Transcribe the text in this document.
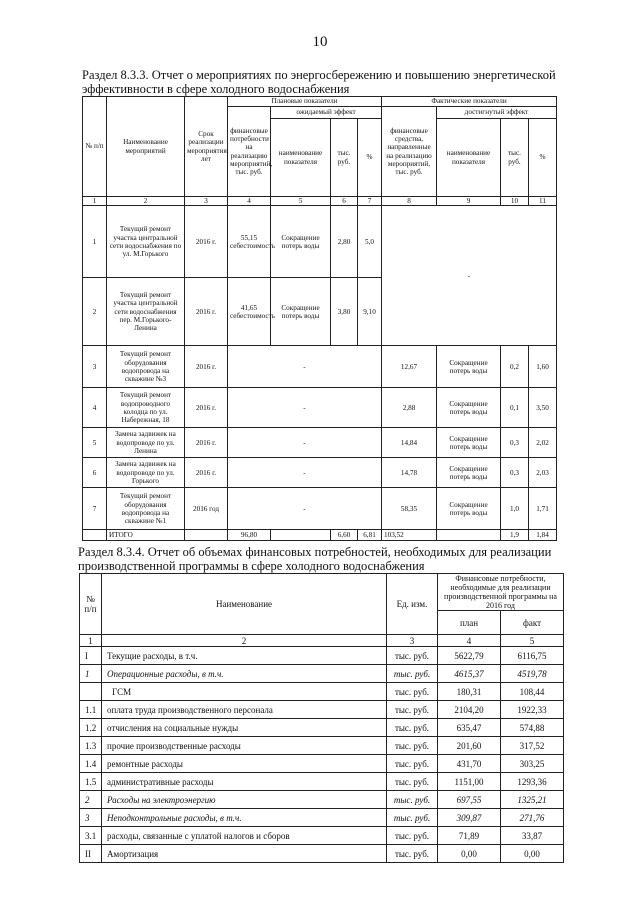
10
Раздел 8.3.3. Отчет о мероприятиях по энергосбережению и повышению энергетической эффективности в сфере холодного водоснабжения
№ п/п	Наименование мероприятий	Срок реализации мероприятия, лет	Плановые показатели				Фактические показатели			
			финансовые потребности на реализацию мероприятий, тыс. руб.	ожидаемый эффект			финансовые средства, направленные на реализацию мероприятий, тыс. руб.	достигнутый эффект		
				наименование показателя	тыс. руб.	%		наименование показателя	тыс. руб.	%
1	2	3	4	5	6	7	8	9	10	11
1	Текущий ремонт участка центральной сети водоснабжения по ул. М.Горького	2016 г.	55,15 себестоимость	Сокращение потерь воды	2,80	5,0	-			
2	Текущий ремонт участка центральной сети водоснабжения пер. М.Горького-Ленина	2016 г.	41,65 себестоимость	Сокращение потерь воды	3,80	9,10				
3	Текущий ремонт оборудования водопровода на скважине №3	2016 г.	-				12,67	Сокращение потерь воды	0,2	1,60
4	Текущий ремонт водопроводного колодца по ул. Набережная, 18	2016 г.	-				2,88	Сокращение потерь воды	0,1	3,50
5	Замена задвижек на водопроводе по ул. Ленина	2016 г.	-				14,84	Сокращение потерь воды	0,3	2,02
6	Замена задвижек на водопроводе по ул. Горького	2016 г.	-				14,78	Сокращение потерь воды	0,3	2,03
7	Текущий ремонт оборудования водопровода на скважине №1	2016 год	-				58,35	Сокращение потерь воды	1,0	1,71
	ИТОГО		96,80		6,60	6,81	103,52		1,9	1,84
Раздел 8.3.4. Отчет об объемах финансовых потребностей, необходимых для реализации производственной программы в сфере холодного водоснабжения
№ п/п	Наименование	Ед. изм.	Финансовые потребности, необходимые для реализации производственной программы на 2016 год	
			план	факт
1	2	3	4	5
I	Текущие расходы, в т.ч.	тыс. руб.	5622,79	6116,75
1	Операционные расходы, в т.ч.	тыс. руб.	4615,37	4519,78
	ГСМ	тыс. руб.	180,31	108,44
1.1	оплата труда производственного персонала	тыс. руб.	2104,20	1922,33
1.2	отчисления на социальные нужды	тыс. руб.	635,47	574,88
1.3	прочие производственные расходы	тыс. руб.	201,60	317,52
1.4	ремонтные расходы	тыс. руб.	431,70	303,25
1.5	административные расходы	тыс. руб.	1151,00	1293,36
2	Расходы на электроэнергию	тыс. руб.	697,55	1325,21
3	Неподконтрольные расходы, в т.ч.	тыс. руб.	309,87	271,76
3.1	расходы, связанные с уплатой налогов и сборов	тыс. руб.	71,89	33,87
II	Амортизация	тыс. руб.	0,00	0,00
